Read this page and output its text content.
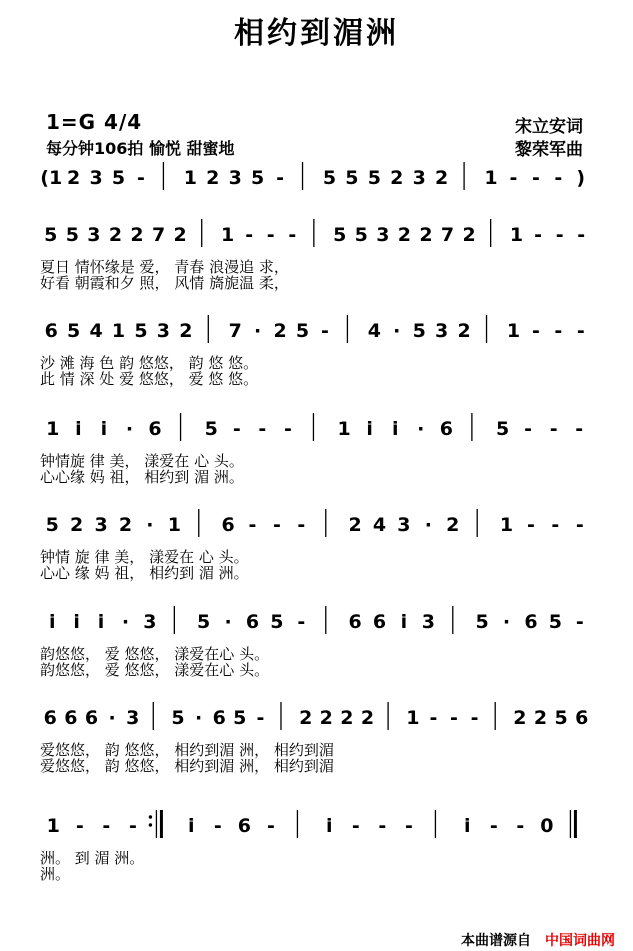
相约到湄洲
1=G 4/4
每分钟106拍 愉悦 甜蜜地
宋立安词
黎荣军曲
(1 2 3 5 - 1 2 3 5 - 5 5 5 2 3 2 1 - - - )
5 5 3 2 2 7 2 1 - - - 5 5 3 2 2 7 2 1 - - -
6 5 4 1 5 3 2 7 · 2 5 - 4 · 5 3 2 1 - - -
1 i i · 6 5 - - - 1 i i · 6 5 - - -
5 2 3 2 · 1 6 - - - 2 4 3 · 2 1 - - -
i i i · 3 5 · 6 5 - 6 6 i 3 5 · 6 5 -
6 6 6 · 3 5 · 6 5 - 2 2 2 2 1 - - - 2 2 5 6
1 - - -	i - 6 -	i - - -	i - - 0
夏日 情怀缘是 爱， 青春 浪漫追 求，
好看 朝霞和夕 照， 风情 旖旎温 柔，
沙 滩 海 色 韵 悠悠， 韵 悠 悠。
此 情 深 处 爱 悠悠， 爱 悠 悠。
钟情旋 律 美， 漾爱在 心 头。
心心缘 妈 祖， 相约到 湄 洲。
钟情 旋 律 美， 漾爱在 心 头。
心心 缘 妈 祖， 相约到 湄 洲。
韵悠悠， 爱 悠悠， 漾爱在心 头。
韵悠悠， 爱 悠悠， 漾爱在心 头。
爱悠悠， 韵 悠悠， 相约到湄 洲， 相约到湄
爱悠悠， 韵 悠悠， 相约到湄 洲， 相约到湄
洲。 到 湄 洲。
洲。
本曲谱源自 中国词曲网
